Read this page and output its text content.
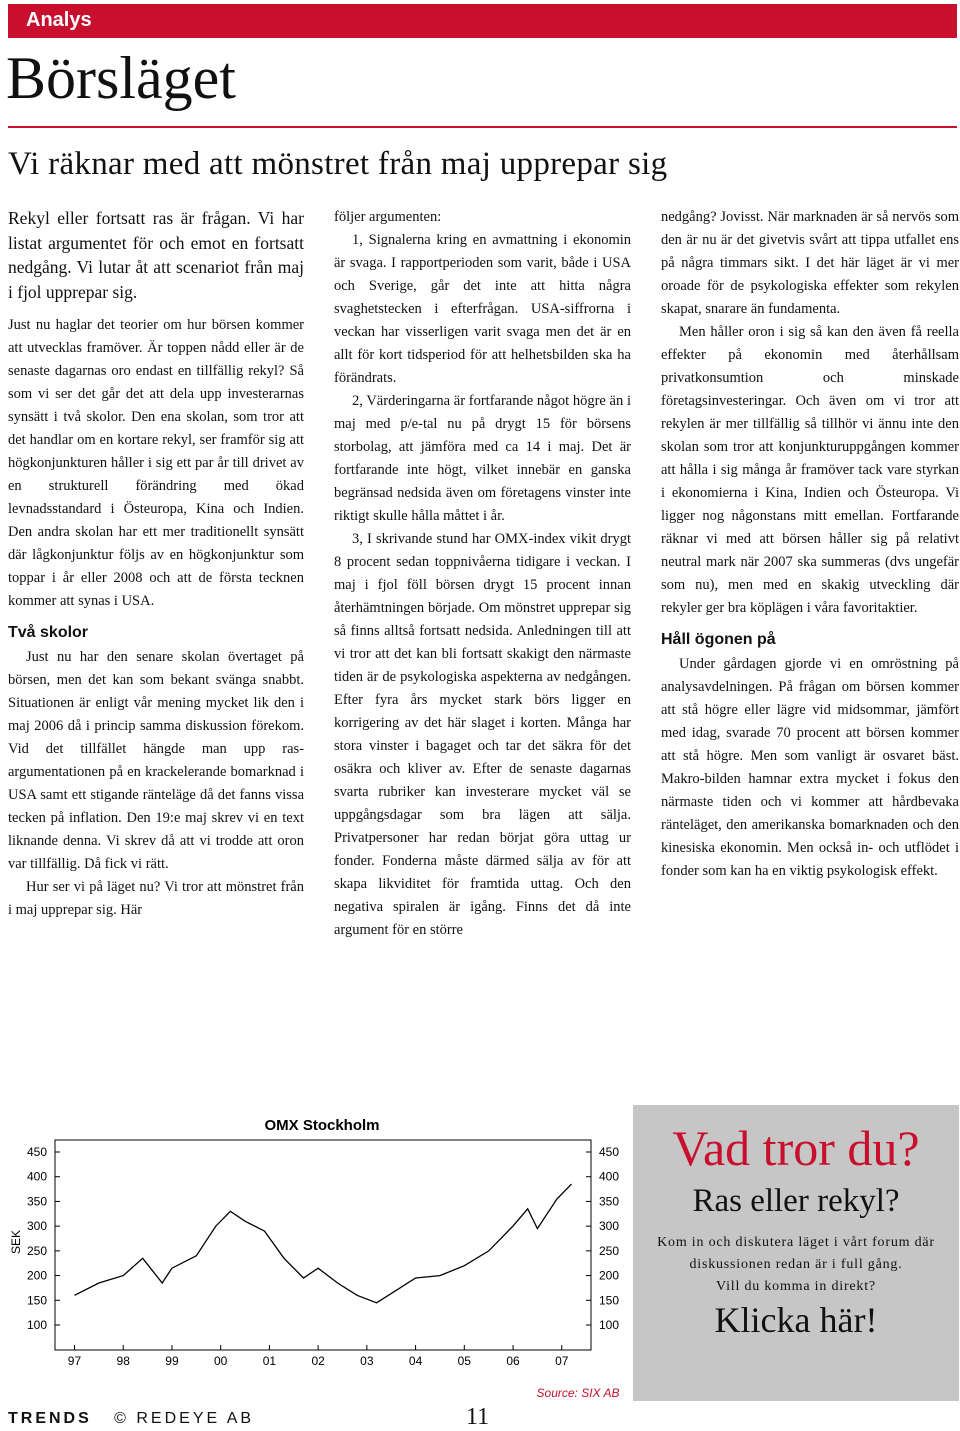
Analys
Börsläget
Vi räknar med att mönstret från maj upprepar sig

Rekyl eller fortsatt ras är frågan. Vi har listat argumentet för och emot en fortsatt nedgång. Vi lutar åt att scenariot från maj i fjol upprepar sig.

Just nu haglar det teorier om hur börsen kommer att utvecklas framöver. Är toppen nådd eller är de senaste dagarnas oro endast en tillfällig rekyl? Så som vi ser det går det att dela upp investerarnas synsätt i två skolor. Den ena skolan, som tror att det handlar om en kortare rekyl, ser framför sig att högkonjunkturen håller i sig ett par år till drivet av en strukturell förändring med ökad levnadsstandard i Östeuropa, Kina och Indien. Den andra skolan har ett mer traditionellt synsätt där lågkonjunktur följs av en högkonjunktur som toppar i år eller 2008 och att de första tecknen kommer att synas i USA.

Två skolor

Just nu har den senare skolan övertaget på börsen, men det kan som bekant svänga snabbt. Situationen är enligt vår mening mycket lik den i maj 2006 då i princip samma diskussion förekom. Vid det tillfället hängde man upp ras-argumentationen på en krackelerande bomarknad i USA samt ett stigande ränteläge då det fanns vissa tecken på inflation. Den 19:e maj skrev vi en text liknande denna. Vi skrev då att vi trodde att oron var tillfällig. Då fick vi rätt.

Hur ser vi på läget nu? Vi tror att mönstret från i maj upprepar sig. Här

följer argumenten:

1, Signalerna kring en avmattning i ekonomin är svaga. I rapportperioden som varit, både i USA och Sverige, går det inte att hitta några svaghetstecken i efterfrågan. USA-siffrorna i veckan har visserligen varit svaga men det är en allt för kort tidsperiod för att helhetsbilden ska ha förändrats.

2, Värderingarna är fortfarande något högre än i maj med p/e-tal nu på drygt 15 för börsens storbolag, att jämföra med ca 14 i maj. Det är fortfarande inte högt, vilket innebär en ganska begränsad nedsida även om företagens vinster inte riktigt skulle hålla måttet i år.

3, I skrivande stund har OMX-index vikit drygt 8 procent sedan toppnivåerna tidigare i veckan. I maj i fjol föll börsen drygt 15 procent innan återhämtningen började. Om mönstret upprepar sig så finns alltså fortsatt nedsida. Anledningen till att vi tror att det kan bli fortsatt skakigt den närmaste tiden är de psykologiska aspekterna av nedgången. Efter fyra års mycket stark börs ligger en korrigering av det här slaget i korten. Många har stora vinster i bagaget och tar det säkra för det osäkra och kliver av. Efter de senaste dagarnas svarta rubriker kan investerare mycket väl se uppgångsdagar som bra lägen att sälja. Privatpersoner har redan börjat göra uttag ur fonder. Fonderna måste därmed sälja av för att skapa likviditet för framtida uttag. Och den negativa spiralen är igång. Finns det då inte argument för en större

nedgång? Jovisst. När marknaden är så nervös som den är nu är det givetvis svårt att tippa utfallet ens på några timmars sikt. I det här läget är vi mer oroade för de psykologiska effekter som rekylen skapat, snarare än fundamenta.

Men håller oron i sig så kan den även få reella effekter på ekonomin med återhållsam privatkonsumtion och minskade företagsinvesteringar. Och även om vi tror att rekylen är mer tillfällig så tillhör vi ännu inte den skolan som tror att konjunkturuppgången kommer att hålla i sig många år framöver tack vare styrkan i ekonomierna i Kina, Indien och Östeuropa. Vi ligger nog någonstans mitt emellan. Fortfarande räknar vi med att börsen håller sig på relativt neutral mark när 2007 ska summeras (dvs ungefär som nu), men med en skakig utveckling där rekyler ger bra köplägen i våra favoritaktier.

Håll ögonen på

Under gårdagen gjorde vi en omröstning på analysavdelningen. På frågan om börsen kommer att stå högre eller lägre vid midsommar, jämfört med idag, svarade 70 procent att börsen kommer att stå högre. Men som vanligt är osvaret bäst. Makro-bilden hamnar extra mycket i fokus den närmaste tiden och vi kommer att hårdbevaka ränteläget, den amerikanska bomarknaden och den kinesiska ekonomin. Men också in- och utflödet i fonder som kan ha en viktig psykologisk effekt.

OMX Stockholm
SEK
450
400
350
300
250
200
150
100
450
400
350
300
250
200
150
100
97	98	99	00	01	02	03	04	05	06	07
Source: SIX AB
Vad tror du?
Ras eller rekyl?
Kom in och diskutera läget i vårt forum där diskussionen redan är i full gång.
Vill du komma in direkt?
Klicka här!
TRENDS © REDEYE AB	11
